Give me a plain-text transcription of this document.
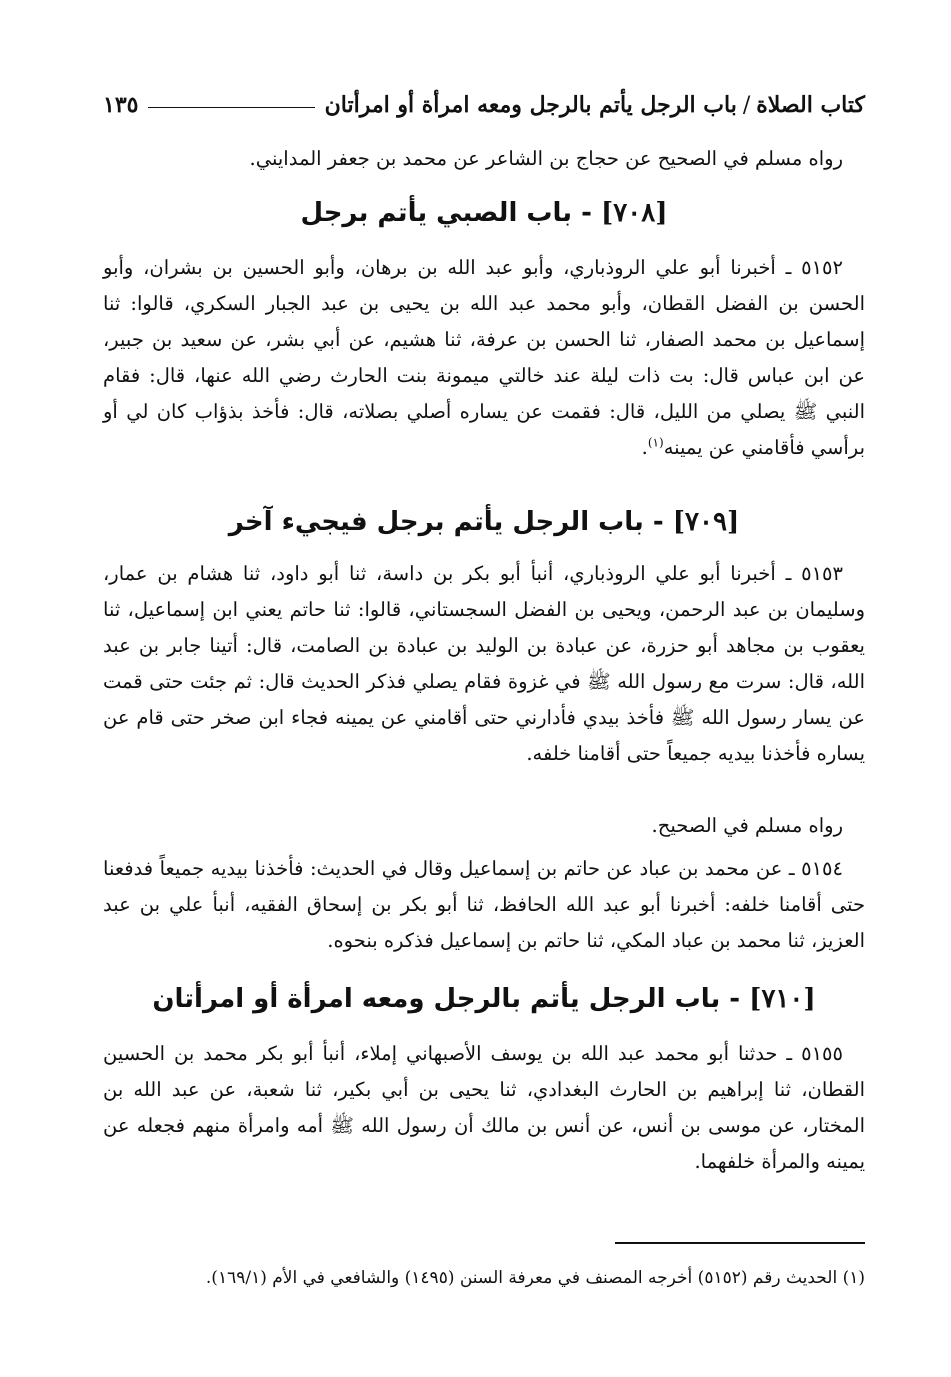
كتاب الصلاة/باب الرجل يأتم بالرجل ومعه امرأة أو امرأتان
١٣٥

رواه مسلم في الصحيح عن حجاج بن الشاعر عن محمد بن جعفر المدايني.

[٧٠٨] - باب الصبي يأتم برجل

٥١٥٢ ـ أخبرنا أبو علي الروذباري، وأبو عبد الله بن برهان، وأبو الحسين بن بشران، وأبو الحسن بن الفضل القطان، وأبو محمد عبد الله بن يحيى بن عبد الجبار السكري، قالوا: ثنا إسماعيل بن محمد الصفار، ثنا الحسن بن عرفة، ثنا هشيم، عن أبي بشر، عن سعيد بن جبير، عن ابن عباس قال: بت ذات ليلة عند خالتي ميمونة بنت الحارث رضي الله عنها، قال: فقام النبي ﷺ يصلي من الليل، قال: فقمت عن يساره أصلي بصلاته، قال: فأخذ بذؤاب كان لي أو برأسي فأقامني عن يمينه$^{(١)}$.

[٧٠٩] - باب الرجل يأتم برجل فيجيء آخر

٥١٥٣ ـ أخبرنا أبو علي الروذباري، أنبأ أبو بكر بن داسة، ثنا أبو داود، ثنا هشام بن عمار، وسليمان بن عبد الرحمن، ويحيى بن الفضل السجستاني، قالوا: ثنا حاتم يعني ابن إسماعيل، ثنا يعقوب بن مجاهد أبو حزرة، عن عبادة بن الوليد بن عبادة بن الصامت، قال: أتينا جابر بن عبد الله، قال: سرت مع رسول الله ﷺ في غزوة فقام يصلي فذكر الحديث قال: ثم جئت حتى قمت عن يسار رسول الله ﷺ فأخذ بيدي فأدارني حتى أقامني عن يمينه فجاء ابن صخر حتى قام عن يساره فأخذنا بيديه جميعاً حتى أقامنا خلفه.

رواه مسلم في الصحيح.

٥١٥٤ ـ عن محمد بن عباد عن حاتم بن إسماعيل وقال في الحديث: فأخذنا بيديه جميعاً فدفعنا حتى أقامنا خلفه: أخبرنا أبو عبد الله الحافظ، ثنا أبو بكر بن إسحاق الفقيه، أنبأ علي بن عبد العزيز، ثنا محمد بن عباد المكي، ثنا حاتم بن إسماعيل فذكره بنحوه.

[٧١٠] - باب الرجل يأتم بالرجل ومعه امرأة أو امرأتان

٥١٥٥ ـ حدثنا أبو محمد عبد الله بن يوسف الأصبهاني إملاء، أنبأ أبو بكر محمد بن الحسين القطان، ثنا إبراهيم بن الحارث البغدادي، ثنا يحيى بن أبي بكير، ثنا شعبة، عن عبد الله بن المختار، عن موسى بن أنس، عن أنس بن مالك أن رسول الله ﷺ أمه وامرأة منهم فجعله عن يمينه والمرأة خلفهما.

(١) الحديث رقم (٥١٥٢) أخرجه المصنف في معرفة السنن (١٤٩٥) والشافعي في الأم (١٦٩/١).
